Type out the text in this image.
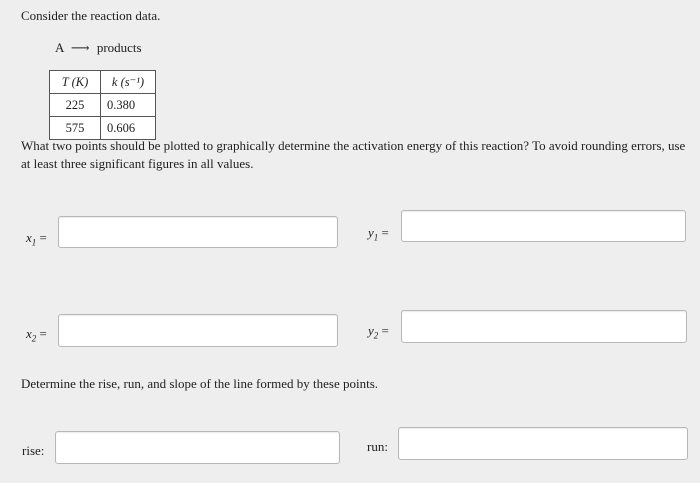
Consider the reaction data.
A ⟶ products
T (K)	k (s⁻¹)
225	0.380
575	0.606
What two points should be plotted to graphically determine the activation energy of this reaction? To avoid rounding errors, use at least three significant figures in all values.
$x_1$ =	$y_1$ =
$x_2$ =	$y_2$ =
Determine the rise, run, and slope of the line formed by these points.
rise:	run:
